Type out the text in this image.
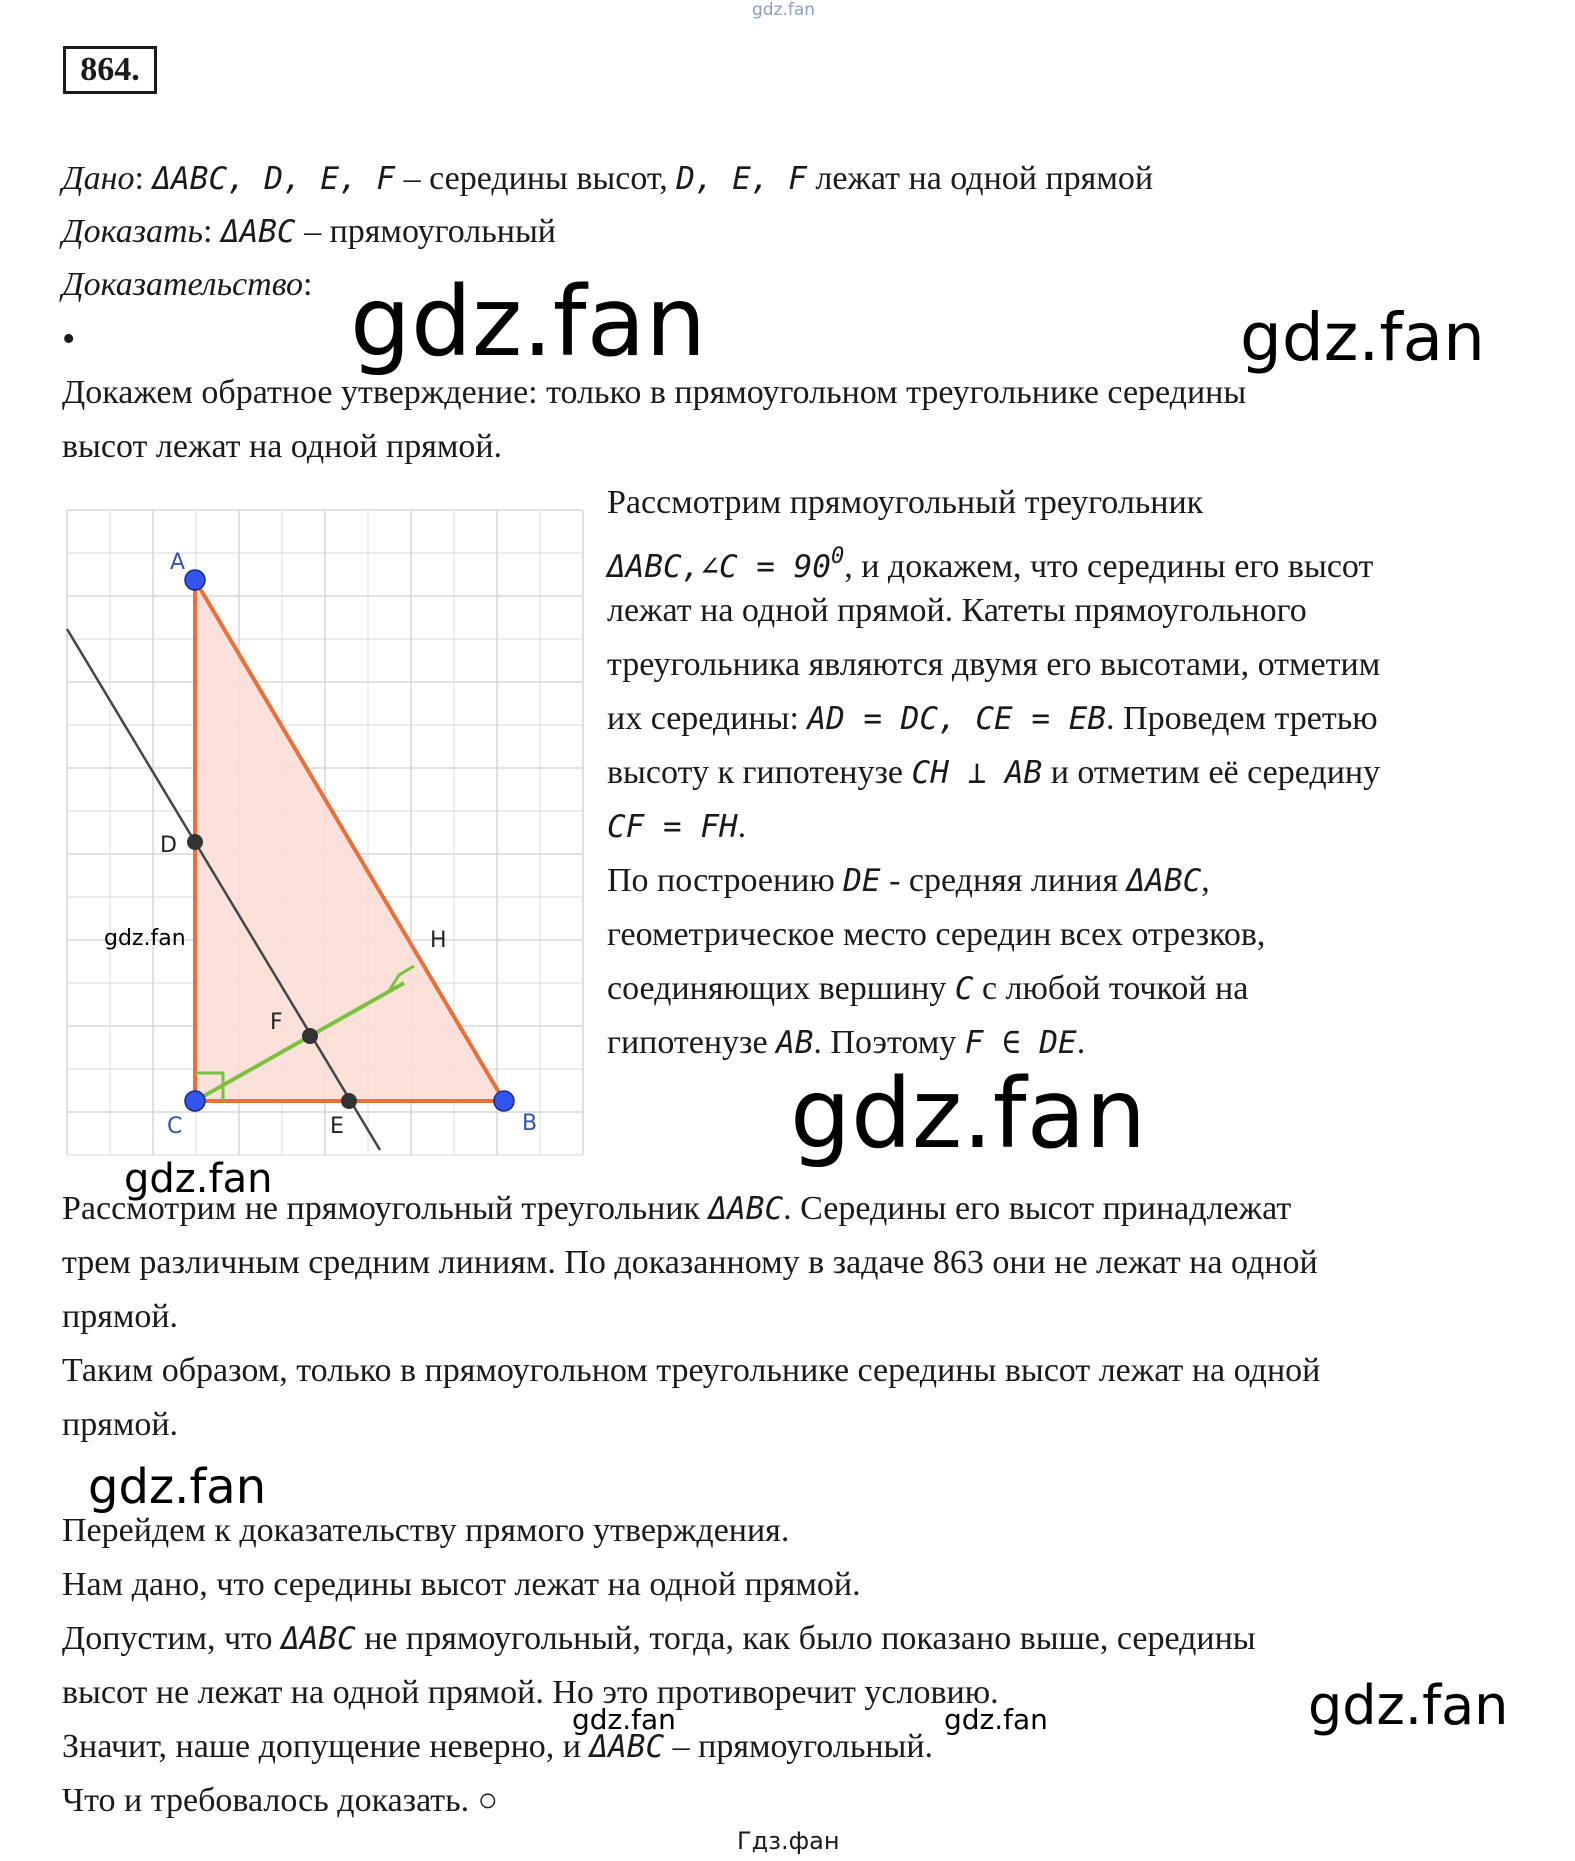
gdz.fan
864.
Дано: ΔABC, D, E, F – середины высот, D, E, F лежат на одной прямой
Доказать: ΔABC – прямоугольный
Доказательство:
•	gdz.fan	gdz.fan
Докажем обратное утверждение: только в прямоугольном треугольнике середины
высот лежат на одной прямой.
A
B
C
D
E
F
H
gdz.fan
Рассмотрим прямоугольный треугольник
ΔABC,∠C = $90^0$, и докажем, что середины его высот
лежат на одной прямой. Катеты прямоугольного
треугольника являются двумя его высотами, отметим
их середины: AD = DC, CE = EB. Проведем третью
высоту к гипотенузе CH ⊥ AB и отметим её середину
CF = FH.
По построению DE - средняя линия ΔABC,
геометрическое место середин всех отрезков,
соединяющих вершину C с любой точкой на
гипотенузе AB. Поэтому F ∈ DE.
gdz.fan
gdz.fan
Рассмотрим не прямоугольный треугольник ΔABC. Середины его высот принадлежат
трем различным средним линиям. По доказанному в задаче 863 они не лежат на одной
прямой.
Таким образом, только в прямоугольном треугольнике середины высот лежат на одной
прямой.
gdz.fan
Перейдем к доказательству прямого утверждения.
Нам дано, что середины высот лежат на одной прямой.
Допустим, что ΔABC не прямоугольный, тогда, как было показано выше, середины
высот не лежат на одной прямой. Но это противоречит условию.
Значит, наше допущение неверно, и ΔABC – прямоугольный.
Что и требовалось доказать. ○
gdz.fan	gdz.fan	gdz.fan
Гдз.фан
